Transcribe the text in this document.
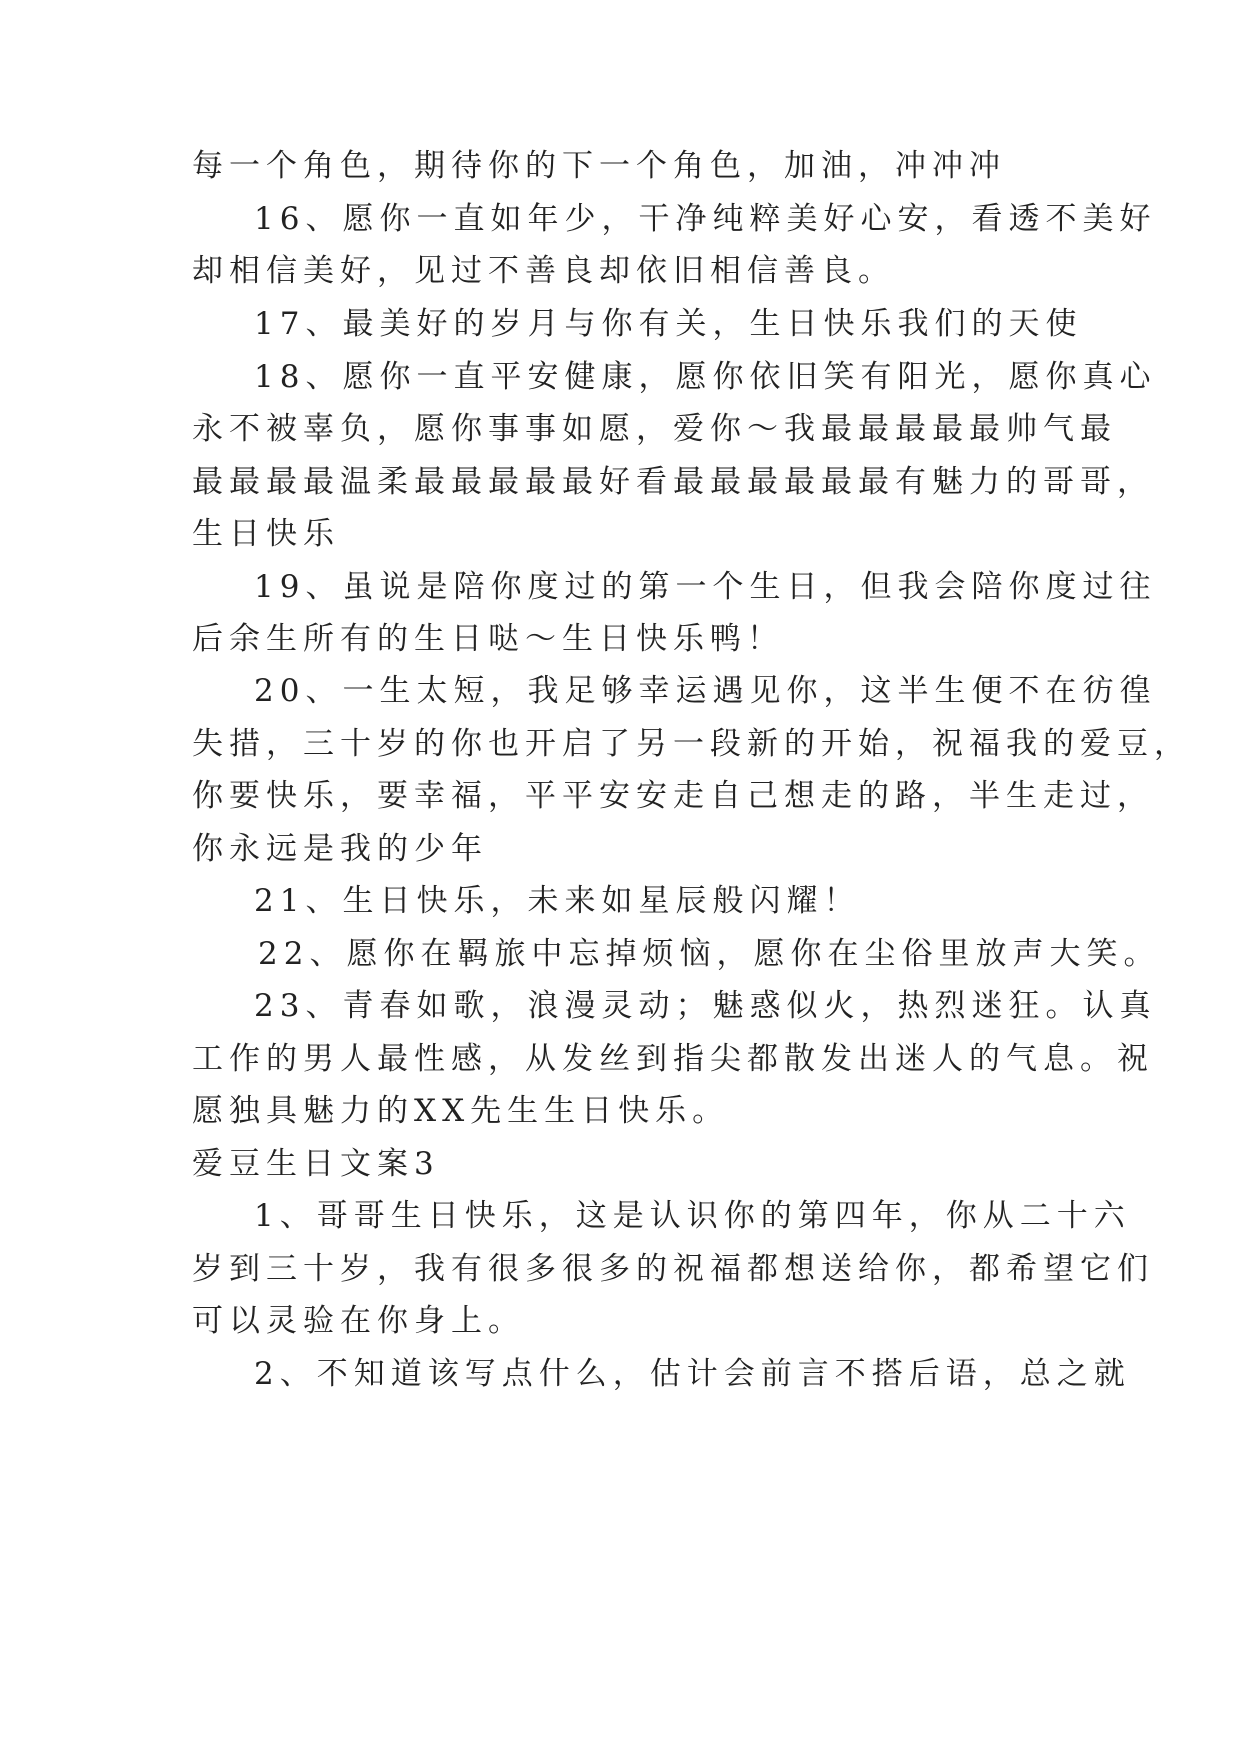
每一个角色，期待你的下一个角色，加油，冲冲冲
16、愿你一直如年少，干净纯粹美好心安，看透不美好
却相信美好，见过不善良却依旧相信善良。
17、最美好的岁月与你有关，生日快乐我们的天使
18、愿你一直平安健康，愿你依旧笑有阳光，愿你真心
永不被辜负，愿你事事如愿，爱你～我最最最最最帅气最
最最最最温柔最最最最最好看最最最最最最有魅力的哥哥，
生日快乐
19、虽说是陪你度过的第一个生日，但我会陪你度过往
后余生所有的生日哒～生日快乐鸭！
20、一生太短，我足够幸运遇见你，这半生便不在彷徨
失措，三十岁的你也开启了另一段新的开始，祝福我的爱豆，
你要快乐，要幸福，平平安安走自己想走的路，半生走过，
你永远是我的少年
21、生日快乐，未来如星辰般闪耀！
22、愿你在羁旅中忘掉烦恼，愿你在尘俗里放声大笑。
23、青春如歌，浪漫灵动；魅惑似火，热烈迷狂。认真
工作的男人最性感，从发丝到指尖都散发出迷人的气息。祝
愿独具魅力的XX先生生日快乐。
爱豆生日文案3
1、哥哥生日快乐，这是认识你的第四年，你从二十六
岁到三十岁，我有很多很多的祝福都想送给你，都希望它们
可以灵验在你身上。
2、不知道该写点什么，估计会前言不搭后语，总之就
